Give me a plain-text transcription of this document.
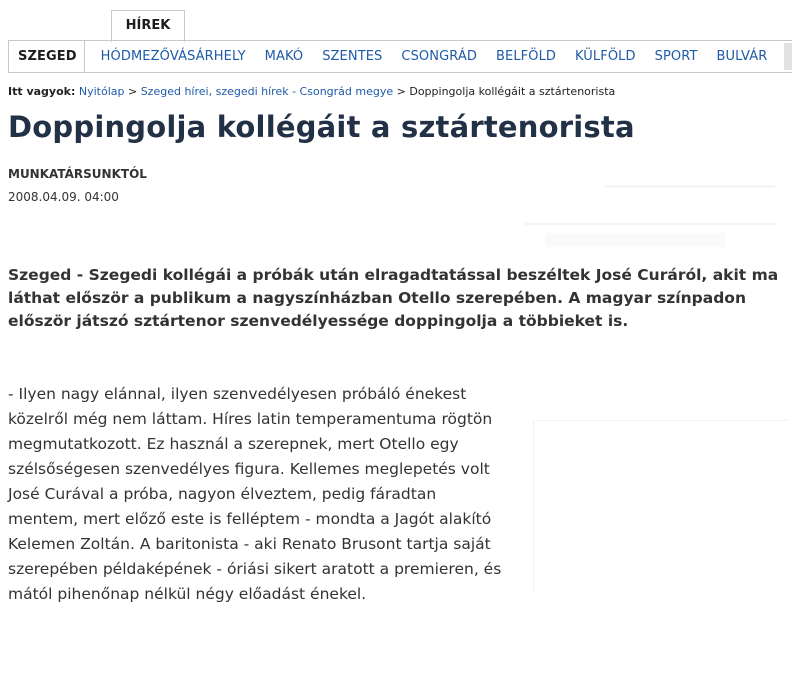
HÍREK
SZEGED HÓDMEZŐVÁSÁRHELY MAKÓ SZENTES CSONGRÁD BELFÖLD KÜLFÖLD SPORT BULVÁR
Itt vagyok: Nyitólap > Szeged hírei, szegedi hírek - Csongrád megye > Doppingolja kollégáit a sztártenorista
Doppingolja kollégáit a sztártenorista
MUNKATÁRSUNKTÓL
2008.04.09. 04:00
Szeged - Szegedi kollégái a próbák után elragadtatással beszéltek José Curáról, akit ma láthat először a publikum a nagyszínházban Otello szerepében. A magyar színpadon először játszó sztártenor szenvedélyessége doppingolja a többieket is.
- Ilyen nagy elánnal, ilyen szenvedélyesen próbáló énekest közelről még nem láttam. Híres latin temperamentuma rögtön megmutatkozott. Ez használ a szerepnek, mert Otello egy szélsőségesen szenvedélyes figura. Kellemes meglepetés volt José Curával a próba, nagyon élveztem, pedig fáradtan mentem, mert előző este is felléptem - mondta a Jagót alakító Kelemen Zoltán. A baritonista - aki Renato Brusont tartja saját szerepében példaképének - óriási sikert aratott a premieren, és mától pihenőnap nélkül négy előadást énekel.
